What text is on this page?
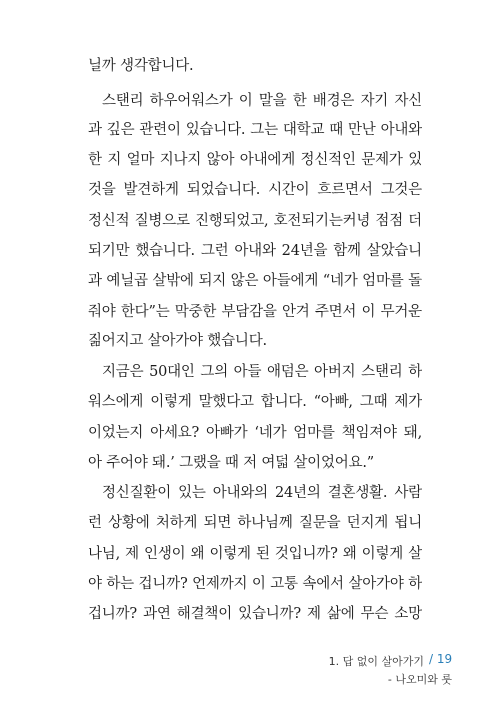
닐까 생각합니다.
스탠리 하우어워스가 이 말을 한 배경은 자기 자신
과 깊은 관련이 있습니다. 그는 대학교 때 만난 아내와
한 지 얼마 지나지 않아 아내에게 정신적인 문제가 있
것을 발견하게 되었습니다. 시간이 흐르면서 그것은
정신적 질병으로 진행되었고, 호전되기는커녕 점점 더
되기만 했습니다. 그런 아내와 24년을 함께 살았습니
과 예닐곱 살밖에 되지 않은 아들에게 “네가 엄마를 돌
줘야 한다”는 막중한 부담감을 안겨 주면서 이 무거운
짊어지고 살아가야 했습니다.
지금은 50대인 그의 아들 애덤은 아버지 스탠리 하
워스에게 이렇게 말했다고 합니다. “아빠, 그때 제가
이었는지 아세요? 아빠가 ‘네가 엄마를 책임져야 돼,
아 주어야 돼.’ 그랬을 때 저 여덟 살이었어요.”
정신질환이 있는 아내와의 24년의 결혼생활. 사람
런 상황에 처하게 되면 하나님께 질문을 던지게 됩니
나님, 제 인생이 왜 이렇게 된 것입니까? 왜 이렇게 살
야 하는 겁니까? 언제까지 이 고통 속에서 살아가야 하
겁니까? 과연 해결책이 있습니까? 제 삶에 무슨 소망
1. 답 없이 살아가기 / 19
- 나오미와 룻
